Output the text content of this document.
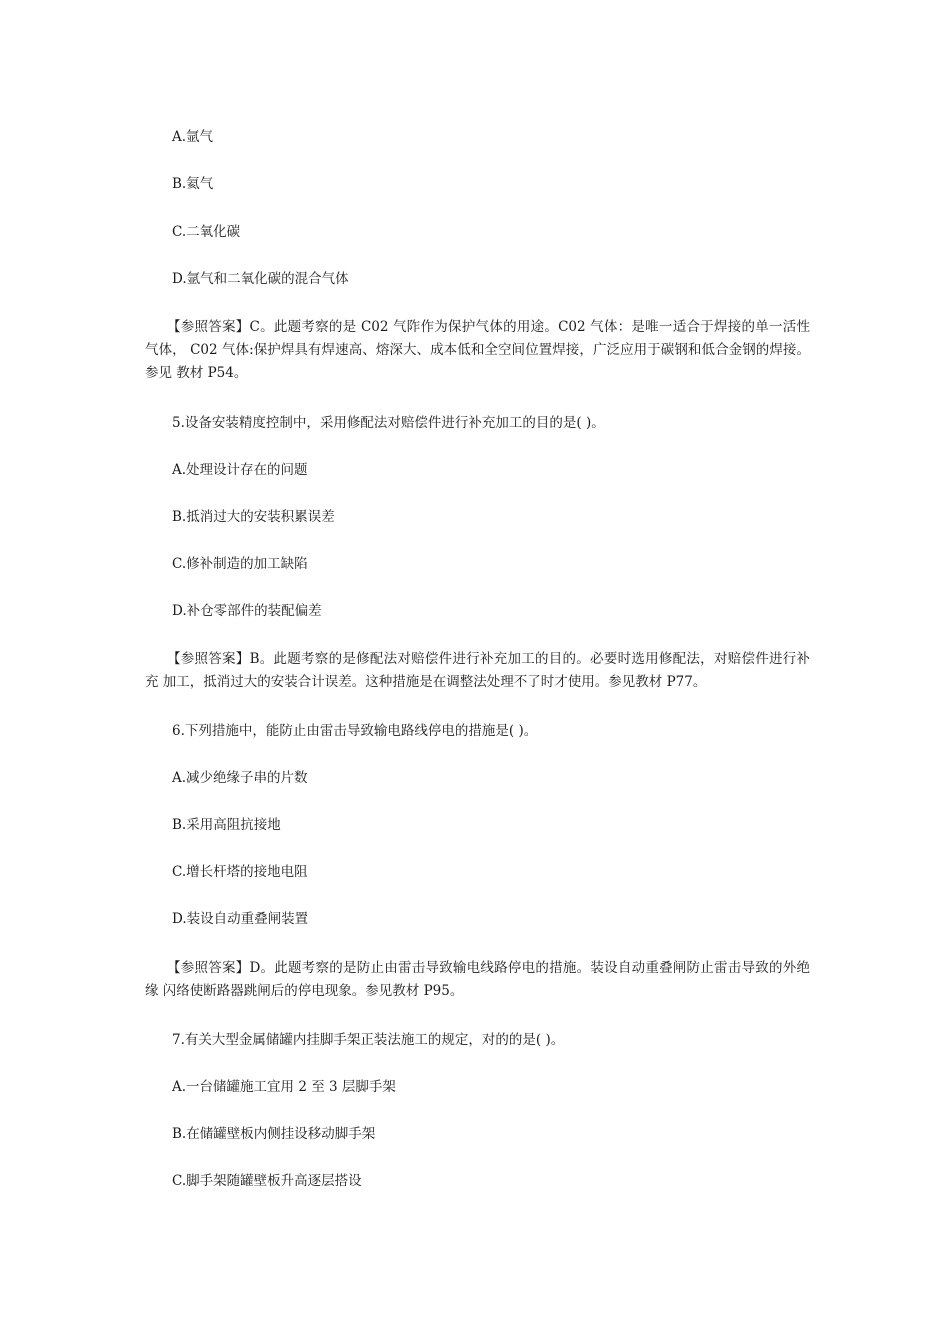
A.氩气
B.氦气
C.二氧化碳
D.氩气和二氧化碳的混合气体
【参照答案】C。此题考察的是 C02 气阼作为保护气体的用途。C02 气体：是唯一适合于焊接的单一活性气体， C02 气体:保护焊具有焊速高、熔深大、成本低和全空间位置焊接，广泛应用于碳钢和低合金钢的焊接。 参见 教材 P54。
5.设备安装精度控制中，采用修配法对赔偿件进行补充加工的目的是( )。
A.处理设计存在的问题
B.抵消过大的安装积累误差
C.修补制造的加工缺陷
D.补仓零部件的装配偏差
【参照答案】B。此题考察的是修配法对赔偿件进行补充加工的目的。必要时选用修配法，对赔偿件进行补充 加工，抵消过大的安装合计误差。这种措施是在调整法处理不了时才使用。参见教材 P77。
6.下列措施中，能防止由雷击导致输电路线停电的措施是( )。
A.减少绝缘子串的片数
B.采用高阻抗接地
C.增长杆塔的接地电阻
D.装设自动重叠闸装置
【参照答案】D。此题考察的是防止由雷击导致输电线路停电的措施。装设自动重叠闸防止雷击导致的外绝缘 闪络使断路器跳闸后的停电现象。参见教材 P95。
7.有关大型金属储罐内挂脚手架正装法施工的规定，对的的是( )。
A.一台储罐施工宜用 2 至 3 层脚手架
B.在储罐壁板内侧挂设移动脚手架
C.脚手架随罐壁板升高逐层搭设
